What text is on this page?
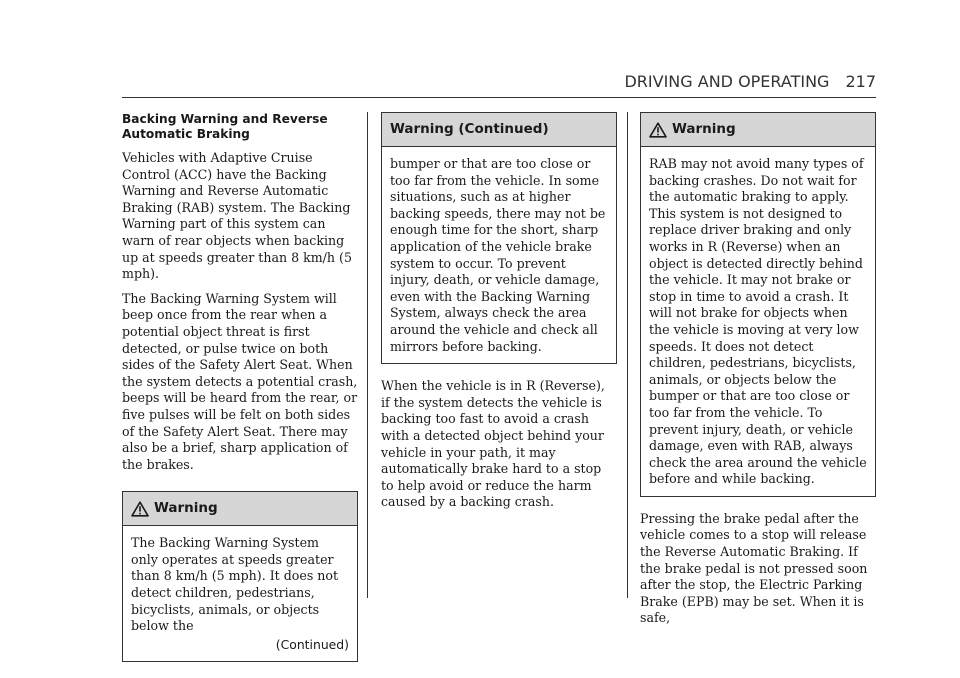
DRIVING AND OPERATING 217
Backing Warning and Reverse Automatic Braking

Vehicles with Adaptive Cruise Control (ACC) have the Backing Warning and Reverse Automatic Braking (RAB) system. The Backing Warning part of this system can warn of rear objects when backing up at speeds greater than 8 km/h (5 mph).

The Backing Warning System will beep once from the rear when a potential object threat is first detected, or pulse twice on both sides of the Safety Alert Seat. When the system detects a potential crash, beeps will be heard from the rear, or five pulses will be felt on both sides of the Safety Alert Seat. There may also be a brief, sharp application of the brakes.

Warning
The Backing Warning System only operates at speeds greater than 8 km/h (5 mph). It does not detect children, pedestrians, bicyclists, animals, or objects below the
(Continued)
Warning (Continued)
bumper or that are too close or too far from the vehicle. In some situations, such as at higher backing speeds, there may not be enough time for the short, sharp application of the vehicle brake system to occur. To prevent injury, death, or vehicle damage, even with the Backing Warning System, always check the area around the vehicle and check all mirrors before backing.

When the vehicle is in R (Reverse), if the system detects the vehicle is backing too fast to avoid a crash with a detected object behind your vehicle in your path, it may automatically brake hard to a stop to help avoid or reduce the harm caused by a backing crash.

Warning
RAB may not avoid many types of backing crashes. Do not wait for the automatic braking to apply. This system is not designed to replace driver braking and only works in R (Reverse) when an object is detected directly behind the vehicle. It may not brake or stop in time to avoid a crash. It will not brake for objects when the vehicle is moving at very low speeds. It does not detect children, pedestrians, bicyclists, animals, or objects below the bumper or that are too close or too far from the vehicle. To prevent injury, death, or vehicle damage, even with RAB, always check the area around the vehicle before and while backing.

Pressing the brake pedal after the vehicle comes to a stop will release the Reverse Automatic Braking. If the brake pedal is not pressed soon after the stop, the Electric Parking Brake (EPB) may be set. When it is safe,
